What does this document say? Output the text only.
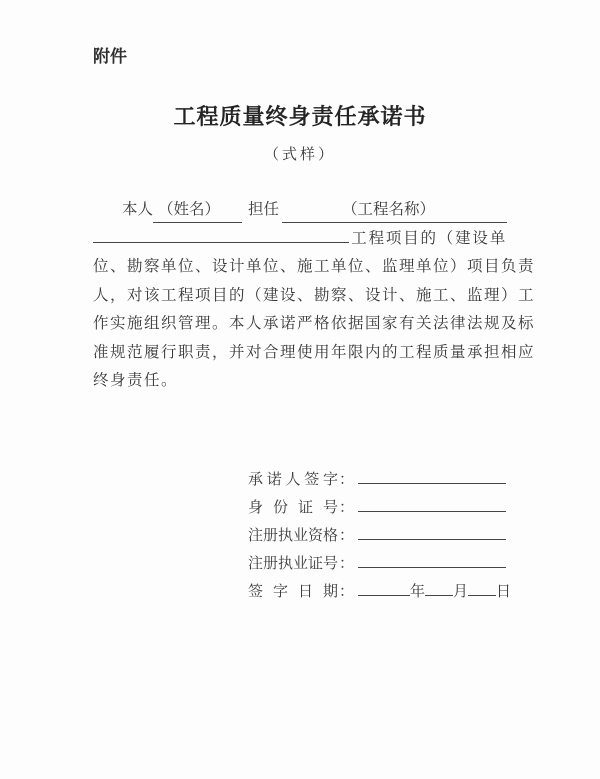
附件
工程质量终身责任承诺书
（式样）
本人 （姓名）	担任	（工程名称）
工程项目的（建设单
位、勘察单位、设计单位、施工单位、监理单位）项目负责
人，对该工程项目的（建设、勘察、设计、施工、监理）工
作实施组织管理。本人承诺严格依据国家有关法律法规及标
准规范履行职责，并对合理使用年限内的工程质量承担相应
终身责任。
承诺人签字：
身份证号：
注册执业资格：
注册执业证号：
签字日期：	年 月 日
